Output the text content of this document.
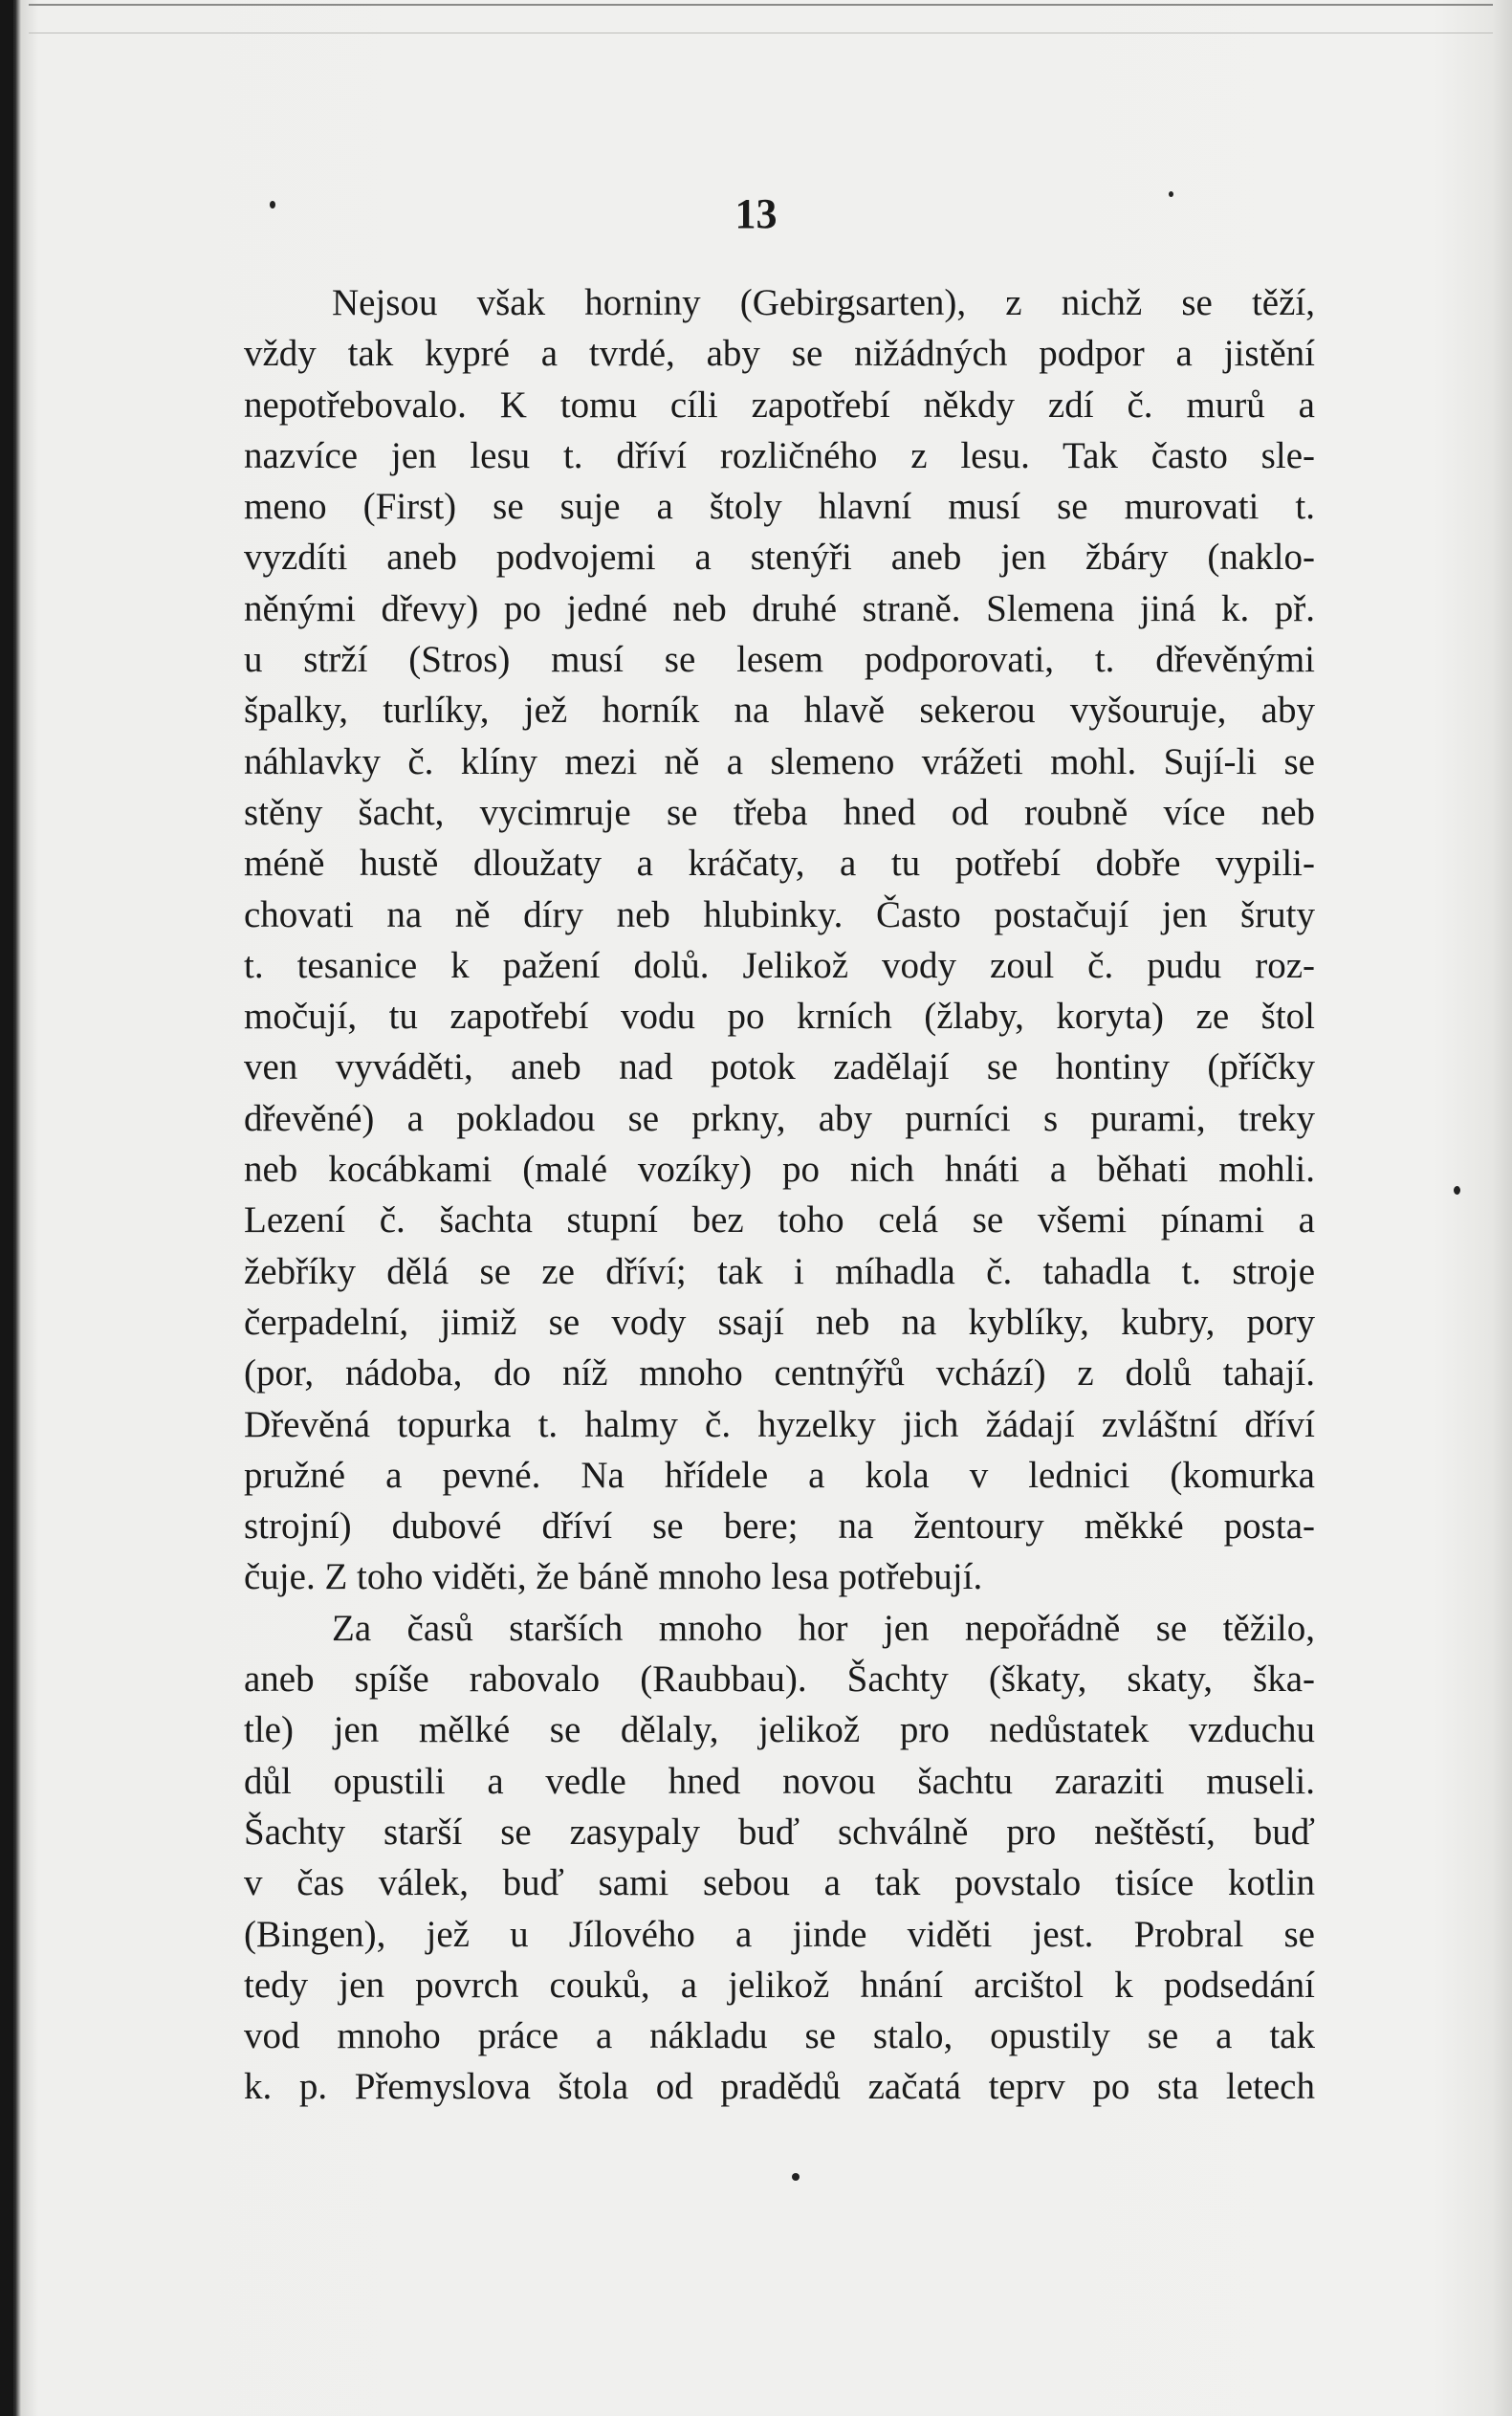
13
Nejsou však horniny (Gebirgsarten), z nichž se těží,
vždy tak kypré a tvrdé, aby se nižádných podpor a jistění
nepotřebovalo. K tomu cíli zapotřebí někdy zdí č. murů a
nazvíce jen lesu t. dříví rozličného z lesu. Tak často sle-
meno (First) se suje a štoly hlavní musí se murovati t.
vyzdíti aneb podvojemi a stenýři aneb jen žbáry (naklo-
něnými dřevy) po jedné neb druhé straně. Slemena jiná k. př.
u strží (Stros) musí se lesem podporovati, t. dřevěnými
špalky, turlíky, jež horník na hlavě sekerou vyšouruje, aby
náhlavky č. klíny mezi ně a slemeno vrážeti mohl. Sují-li se
stěny šacht, vycimruje se třeba hned od roubně více neb
méně hustě dloužaty a kráčaty, a tu potřebí dobře vypili-
chovati na ně díry neb hlubinky. Často postačují jen šruty
t. tesanice k pažení dolů. Jelikož vody zoul č. pudu roz-
močují, tu zapotřebí vodu po krních (žlaby, koryta) ze štol
ven vyváděti, aneb nad potok zadělají se hontiny (příčky
dřevěné) a pokladou se prkny, aby purníci s purami, treky
neb kocábkami (malé vozíky) po nich hnáti a běhati mohli.
Lezení č. šachta stupní bez toho celá se všemi pínami a
žebříky dělá se ze dříví; tak i míhadla č. tahadla t. stroje
čerpadelní, jimiž se vody ssají neb na kyblíky, kubry, pory
(por, nádoba, do níž mnoho centnýřů vchází) z dolů tahají.
Dřevěná topurka t. halmy č. hyzelky jich žádají zvláštní dříví
pružné a pevné. Na hřídele a kola v lednici (komurka
strojní) dubové dříví se bere; na žentoury měkké posta-
čuje. Z toho viděti, že báně mnoho lesa potřebují.
Za časů starších mnoho hor jen nepořádně se těžilo,
aneb spíše rabovalo (Raubbau). Šachty (škaty, skaty, ška-
tle) jen mělké se dělaly, jelikož pro nedůstatek vzduchu
důl opustili a vedle hned novou šachtu zaraziti museli.
Šachty starší se zasypaly buď schválně pro neštěstí, buď
v čas válek, buď sami sebou a tak povstalo tisíce kotlin
(Bingen), jež u Jílového a jinde viděti jest. Probral se
tedy jen povrch couků, a jelikož hnání arcištol k podsedání
vod mnoho práce a nákladu se stalo, opustily se a tak
k. p. Přemyslova štola od pradědů začatá teprv po sta letech
